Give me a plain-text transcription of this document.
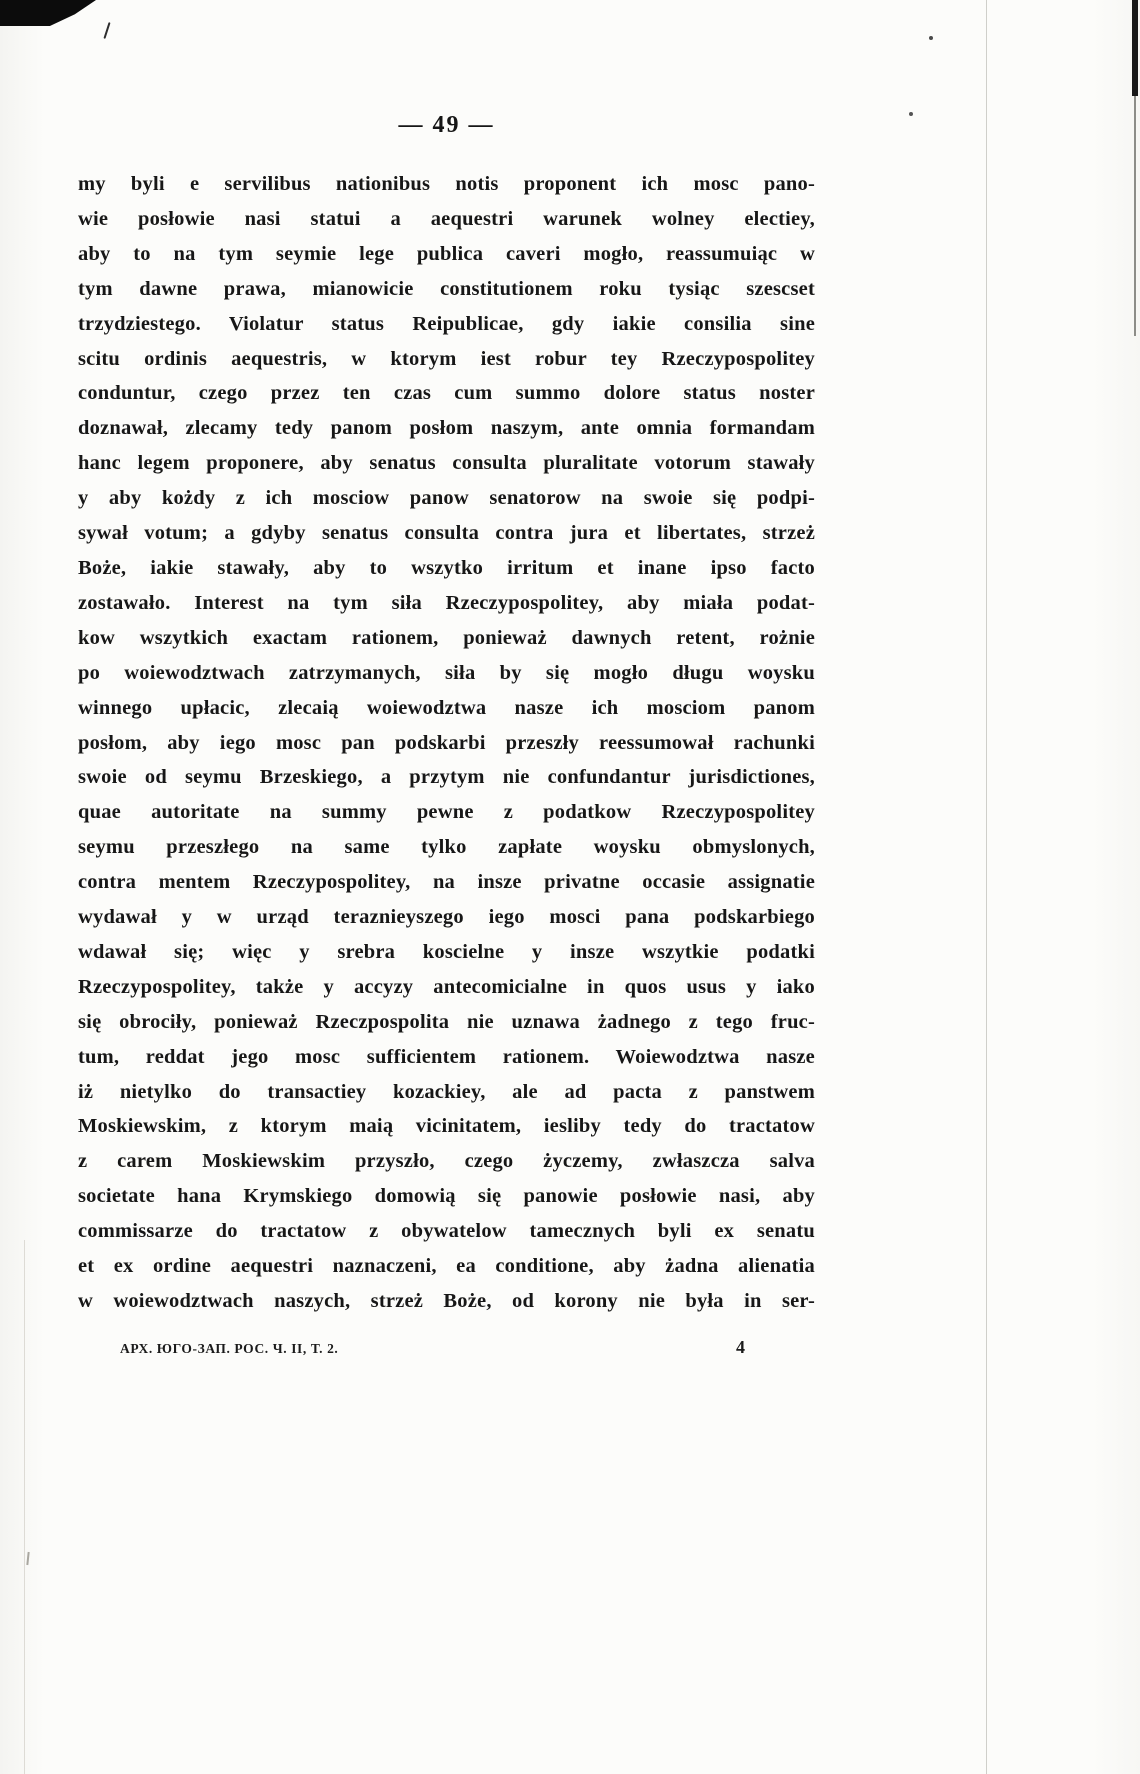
— 49 —
my byli e servilibus nationibus notis proponent ich mosc pano-
wie posłowie nasi statui a aequestri warunek wolney electiey,
aby to na tym seymie lege publica caveri mogło, reassumuiąc w
tym dawne prawa, mianowicie constitutionem roku tysiąc szescset
trzydziestego. Violatur status Reipublicae, gdy iakie consilia sine
scitu ordinis aequestris, w ktorym iest robur tey Rzeczypospolitey
conduntur, czego przez ten czas cum summo dolore status noster
doznawał, zlecamy tedy panom posłom naszym, ante omnia formandam
hanc legem proponere, aby senatus consulta pluralitate votorum stawały
y aby kożdy z ich mosciow panow senatorow na swoie się podpi-
sywał votum; a gdyby senatus consulta contra jura et libertates, strzeż
Boże, iakie stawały, aby to wszytko irritum et inane ipso facto
zostawało. Interest na tym siła Rzeczypospolitey, aby miała podat-
kow wszytkich exactam rationem, ponieważ dawnych retent, rożnie
po woiewodztwach zatrzymanych, siła by się mogło długu woysku
winnego upłacic, zlecaią woiewodztwa nasze ich mosciom panom
posłom, aby iego mosc pan podskarbi przeszły reessumował rachunki
swoie od seymu Brzeskiego, a przytym nie confundantur jurisdictiones,
quae autoritate na summy pewne z podatkow Rzeczypospolitey
seymu przeszłego na same tylko zapłate woysku obmyslonych,
contra mentem Rzeczypospolitey, na insze privatne occasie assignatie
wydawał y w urząd teraznieyszego iego mosci pana podskarbiego
wdawał się; więc y srebra koscielne y insze wszytkie podatki
Rzeczypospolitey, także y accyzy antecomicialne in quos usus y iako
się obrociły, ponieważ Rzeczpospolita nie uznawa żadnego z tego fruc-
tum, reddat jego mosc sufficientem rationem. Woiewodztwa nasze
iż nietylko do transactiey kozackiey, ale ad pacta z panstwem
Moskiewskim, z ktorym maią vicinitatem, iesliby tedy do tractatow
z carem Moskiewskim przyszło, czego życzemy, zwłaszcza salva
societate hana Krymskiego domowią się panowie posłowie nasi, aby
commissarze do tractatow z obywatelow tamecznych byli ex senatu
et ex ordine aequestri naznaczeni, ea conditione, aby żadna alienatia
w woiewodztwach naszych, strzeż Boże, od korony nie była in ser-
АРХ. ЮГО-ЗАП. РОС. Ч. II, Т. 2.	4
